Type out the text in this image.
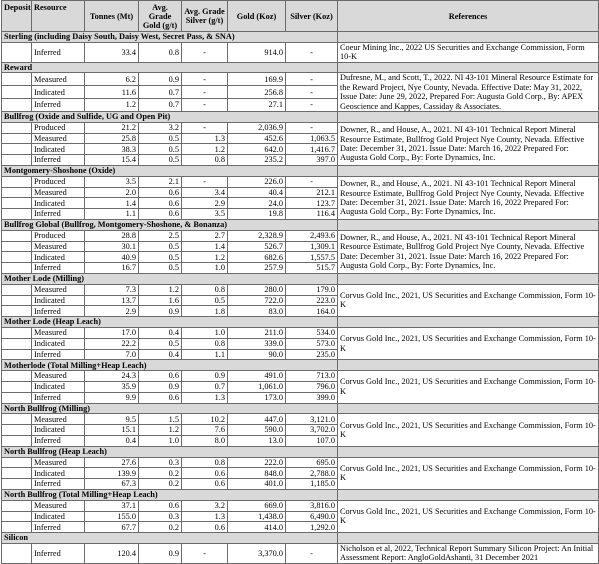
Deposit	Resource	Tonnes (Mt)	Avg. Grade Gold (g/t)	Avg. Grade Silver (g/t)	Gold (Koz)	Silver (Koz)	References
Sterling (including Daisy South, Daisy West, Secret Pass, & SNA)							
	Inferred	33.4	0.8	-	914.0	-	Coeur Mining Inc., 2022 US Securities and Exchange Commission, Form 10-K
Reward							
	Measured	6.2	0.9	-	169.9	-	Dufresne, M., and Scott, T., 2022. NI 43-101 Mineral Resource Estimate for the Reward Project, Nye County, Nevada. Effective Date: May 31, 2022, Issue Date: June 29, 2022, Prepared For: Augusta Gold Corp., By: APEX Geoscience and Kappes, Cassiday & Associates.
	Indicated	11.6	0.7	-	256.8	-	
	Inferred	1.2	0.7	-	27.1	-	
Bullfrog (Oxide and Sulfide, UG and Open Pit)							
	Produced	21.2	3.2	-	2,036.9	-	Downer, R., and House, A., 2021. NI 43-101 Technical Report Mineral Resource Estimate, Bullfrog Gold Project Nye County, Nevada. Effective Date: December 31, 2021. Issue Date: March 16, 2022 Prepared For: Augusta Gold Corp., By: Forte Dynamics, Inc.
	Measured	25.8	0.5	1.3	452.6	1,063.5	
	Indicated	38.3	0.5	1.2	642.0	1,416.7	
	Inferred	15.4	0.5	0.8	235.2	397.0	
Montgomery-Shoshone (Oxide)							
	Produced	3.5	2.1	-	226.0	-	Downer, R., and House, A., 2021. NI 43-101 Technical Report Mineral Resource Estimate, Bullfrog Gold Project Nye County, Nevada. Effective Date: December 31, 2021. Issue Date: March 16, 2022 Prepared For: Augusta Gold Corp., By: Forte Dynamics, Inc.
	Measured	2.0	0.6	3.4	40.4	212.1	
	Indicated	1.4	0.6	2.9	24.0	123.7	
	Inferred	1.1	0.6	3.5	19.8	116.4	
Bullfrog Global (Bullfrog, Montgomery-Shoshone, & Bonanza)							
	Produced	28.8	2.5	2.7	2,328.9	2,493.6	Downer, R., and House, A., 2021. NI 43-101 Technical Report Mineral Resource Estimate, Bullfrog Gold Project Nye County, Nevada. Effective Date: December 31, 2021. Issue Date: March 16, 2022 Prepared For: Augusta Gold Corp., By: Forte Dynamics, Inc.
	Measured	30.1	0.5	1.4	526.7	1,309.1	
	Indicated	40.9	0.5	1.2	682.6	1,557.5	
	Inferred	16.7	0.5	1.0	257.9	515.7	
Mother Lode (Milling)							
	Measured	7.3	1.2	0.8	280.0	179.0	Corvus Gold Inc., 2021, US Securities and Exchange Commission, Form 10-K
	Indicated	13.7	1.6	0.5	722.0	223.0	
	Inferred	2.9	0.9	1.8	83.0	164.0	
Mother Lode (Heap Leach)							
	Measured	17.0	0.4	1.0	211.0	534.0	Corvus Gold Inc., 2021, US Securities and Exchange Commission, Form 10-K
	Indicated	22.2	0.5	0.8	339.0	573.0	
	Inferred	7.0	0.4	1.1	90.0	235.0	
Motherlode (Total Milling+Heap Leach)							
	Measured	24.3	0.6	0.9	491.0	713.0	Corvus Gold Inc., 2021, US Securities and Exchange Commission, Form 10-K
	Indicated	35.9	0.9	0.7	1,061.0	796.0	
	Inferred	9.9	0.6	1.3	173.0	399.0	
North Bullfrog (Milling)							
	Measured	9.5	1.5	10.2	447.0	3,121.0	Corvus Gold Inc., 2021, US Securities and Exchange Commission, Form 10-K
	Indicated	15.1	1.2	7.6	590.0	3,702.0	
	Inferred	0.4	1.0	8.0	13.0	107.0	
North Bullfrog (Heap Leach)							
	Measured	27.6	0.3	0.8	222.0	695.0	Corvus Gold Inc., 2021, US Securities and Exchange Commission, Form 10-K
	Indicated	139.9	0.2	0.6	848.0	2,788.0	
	Inferred	67.3	0.2	0.6	401.0	1,185.0	
North Bullfrog (Total Milling+Heap Leach)							
	Measured	37.1	0.6	3.2	669.0	3,816.0	Corvus Gold Inc., 2021, US Securities and Exchange Commission, Form 10-K
	Indicated	155.0	0.3	1.3	1,438.0	6,490.0	
	Inferred	67.7	0.2	0.6	414.0	1,292.0	
Silicon							
	Inferred	120.4	0.9	-	3,370.0	-	Nicholson et al, 2022, Technical Report Summary Silicon Project: An Initial Assessment Report: AngloGoldAshanti, 31 December 2021
